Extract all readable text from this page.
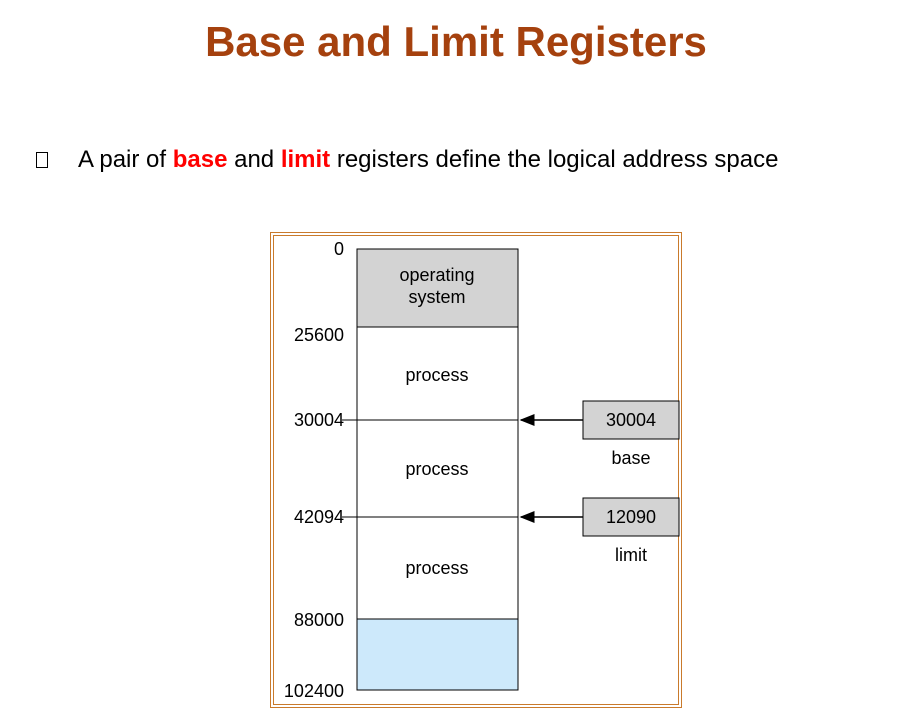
Base and Limit Registers
A pair of base and limit registers define the logical address space
0
25600
30004
42094
88000
102400
operating
system
process
process
process
30004
base
12090
limit
